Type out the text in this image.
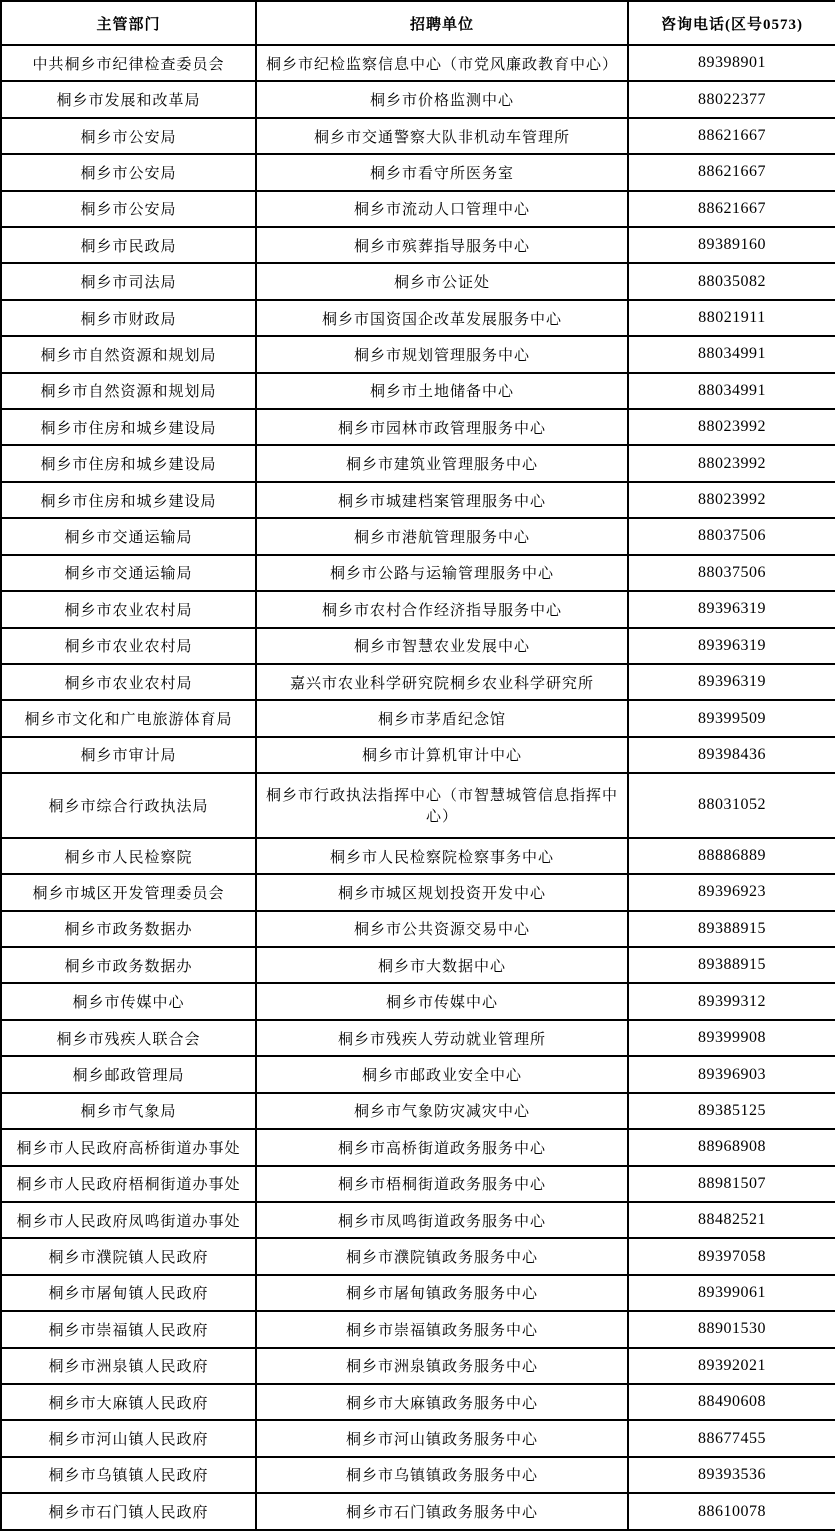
主管部门	招聘单位	咨询电话(区号0573)
中共桐乡市纪律检查委员会	桐乡市纪检监察信息中心（市党风廉政教育中心）	89398901
桐乡市发展和改革局	桐乡市价格监测中心	88022377
桐乡市公安局	桐乡市交通警察大队非机动车管理所	88621667
桐乡市公安局	桐乡市看守所医务室	88621667
桐乡市公安局	桐乡市流动人口管理中心	88621667
桐乡市民政局	桐乡市殡葬指导服务中心	89389160
桐乡市司法局	桐乡市公证处	88035082
桐乡市财政局	桐乡市国资国企改革发展服务中心	88021911
桐乡市自然资源和规划局	桐乡市规划管理服务中心	88034991
桐乡市自然资源和规划局	桐乡市土地储备中心	88034991
桐乡市住房和城乡建设局	桐乡市园林市政管理服务中心	88023992
桐乡市住房和城乡建设局	桐乡市建筑业管理服务中心	88023992
桐乡市住房和城乡建设局	桐乡市城建档案管理服务中心	88023992
桐乡市交通运输局	桐乡市港航管理服务中心	88037506
桐乡市交通运输局	桐乡市公路与运输管理服务中心	88037506
桐乡市农业农村局	桐乡市农村合作经济指导服务中心	89396319
桐乡市农业农村局	桐乡市智慧农业发展中心	89396319
桐乡市农业农村局	嘉兴市农业科学研究院桐乡农业科学研究所	89396319
桐乡市文化和广电旅游体育局	桐乡市茅盾纪念馆	89399509
桐乡市审计局	桐乡市计算机审计中心	89398436
桐乡市综合行政执法局	桐乡市行政执法指挥中心（市智慧城管信息指挥中心）	88031052
桐乡市人民检察院	桐乡市人民检察院检察事务中心	88886889
桐乡市城区开发管理委员会	桐乡市城区规划投资开发中心	89396923
桐乡市政务数据办	桐乡市公共资源交易中心	89388915
桐乡市政务数据办	桐乡市大数据中心	89388915
桐乡市传媒中心	桐乡市传媒中心	89399312
桐乡市残疾人联合会	桐乡市残疾人劳动就业管理所	89399908
桐乡邮政管理局	桐乡市邮政业安全中心	89396903
桐乡市气象局	桐乡市气象防灾减灾中心	89385125
桐乡市人民政府高桥街道办事处	桐乡市高桥街道政务服务中心	88968908
桐乡市人民政府梧桐街道办事处	桐乡市梧桐街道政务服务中心	88981507
桐乡市人民政府凤鸣街道办事处	桐乡市凤鸣街道政务服务中心	88482521
桐乡市濮院镇人民政府	桐乡市濮院镇政务服务中心	89397058
桐乡市屠甸镇人民政府	桐乡市屠甸镇政务服务中心	89399061
桐乡市崇福镇人民政府	桐乡市崇福镇政务服务中心	88901530
桐乡市洲泉镇人民政府	桐乡市洲泉镇政务服务中心	89392021
桐乡市大麻镇人民政府	桐乡市大麻镇政务服务中心	88490608
桐乡市河山镇人民政府	桐乡市河山镇政务服务中心	88677455
桐乡市乌镇镇人民政府	桐乡市乌镇镇政务服务中心	89393536
桐乡市石门镇人民政府	桐乡市石门镇政务服务中心	88610078
